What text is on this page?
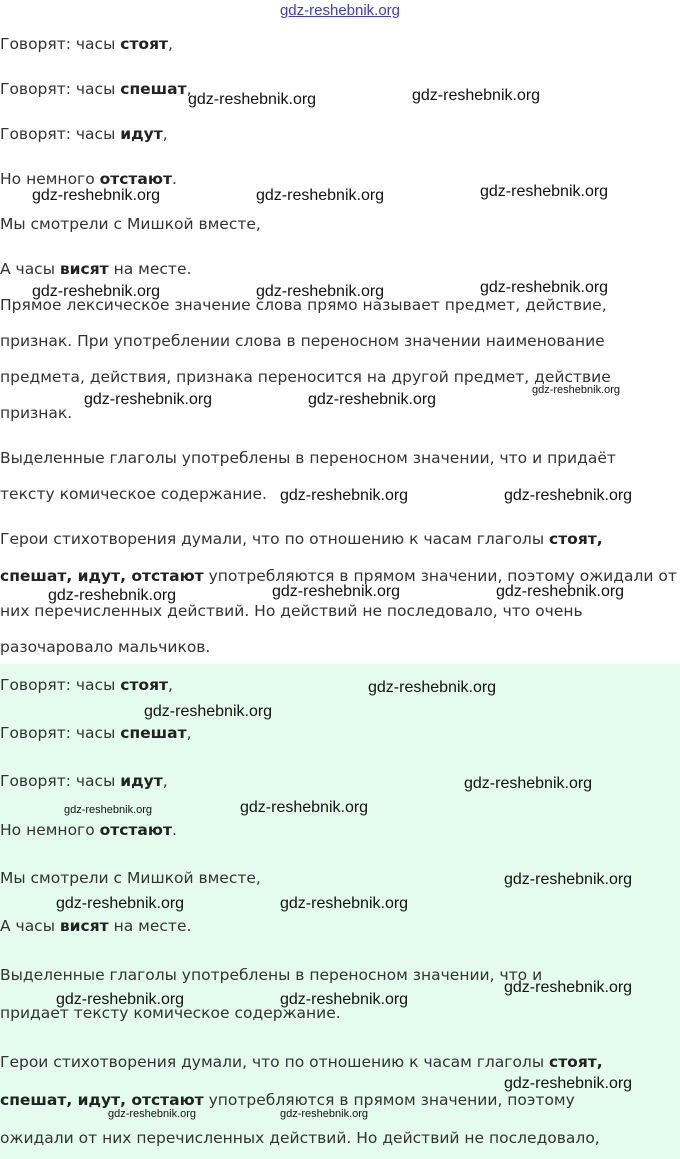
gdz-reshebnik.org

Говорят: часы стоят,

Говорят: часы спешат,

Говорят: часы идут,

Но немного отстают.

Мы смотрели с Мишкой вместе,

А часы висят на месте.

Прямое лексическое значение слова прямо называет предмет, действие,

признак. При употреблении слова в переносном значении наименование

предмета, действия, признака переносится на другой предмет, действие

признак.

Выделенные глаголы употреблены в переносном значении, что и придаёт

тексту комическое содержание.

Герои стихотворения думали, что по отношению к часам глаголы стоят,

спешат, идут, отстают употребляются в прямом значении, поэтому ожидали от

них перечисленных действий. Но действий не последовало, что очень

разочаровало мальчиков.

Говорят: часы стоят,

Говорят: часы спешат,

Говорят: часы идут,

Но немного отстают.

Мы смотрели с Мишкой вместе,

А часы висят на месте.

Выделенные глаголы употреблены в переносном значении, что и

придает тексту комическое содержание.

Герои стихотворения думали, что по отношению к часам глаголы стоят,

спешат, идут, отстают употребляются в прямом значении, поэтому

ожидали от них перечисленных действий. Но действий не последовало,

gdz-reshebnik.org	gdz-reshebnik.org
gdz-reshebnik.org	gdz-reshebnik.org	gdz-reshebnik.org
gdz-reshebnik.org	gdz-reshebnik.org	gdz-reshebnik.org
gdz-reshebnik.org	gdz-reshebnik.org
gdz-reshebnik.org
gdz-reshebnik.org	gdz-reshebnik.org
gdz-reshebnik.org	gdz-reshebnik.org	gdz-reshebnik.org
gdz-reshebnik.org
gdz-reshebnik.org
gdz-reshebnik.org
gdz-reshebnik.org	gdz-reshebnik.org
gdz-reshebnik.org
gdz-reshebnik.org	gdz-reshebnik.org
gdz-reshebnik.org
gdz-reshebnik.org	gdz-reshebnik.org
gdz-reshebnik.org
gdz-reshebnik.org	gdz-reshebnik.org
